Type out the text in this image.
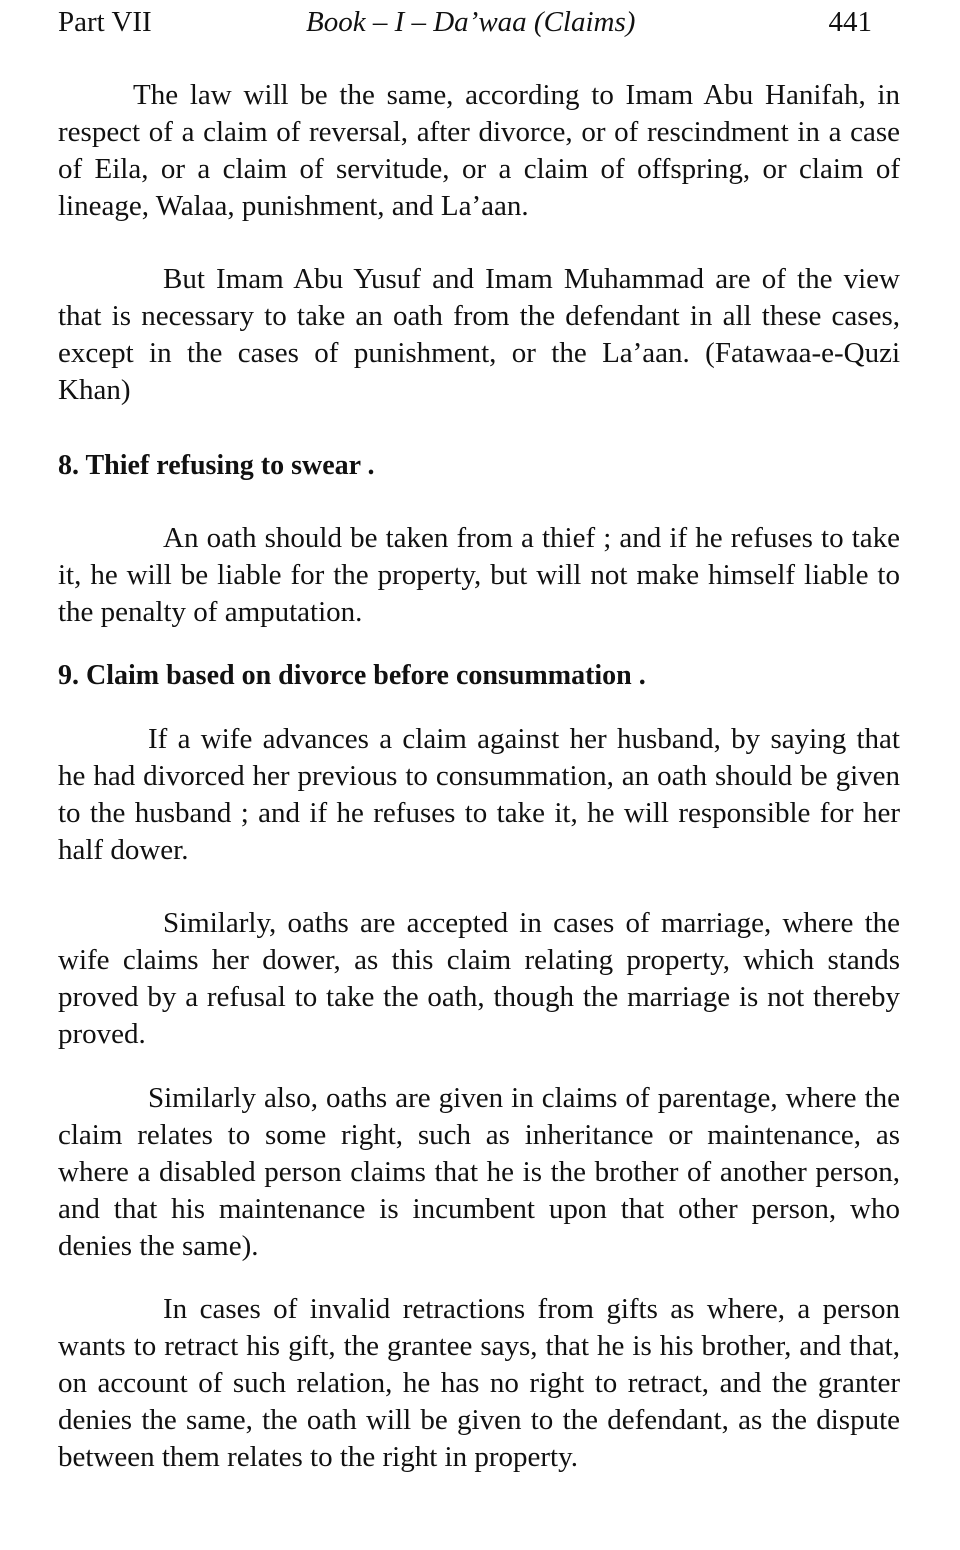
Part VII	Book – I – Da’waa (Claims)	441

The law will be the same, according to Imam Abu Hanifah, in respect of a claim of reversal, after divorce, or of rescindment in a case of Eila, or a claim of servitude, or a claim of offspring, or claim of lineage, Walaa, punishment, and La’aan.

But Imam Abu Yusuf and Imam Muhammad are of the view that is necessary to take an oath from the defendant in all these cases, except in the cases of punishment, or the La’aan. (Fatawaa-e-Quzi Khan)

8. Thief refusing to swear .

An oath should be taken from a thief ; and if he refuses to take it, he will be liable for the property, but will not make himself liable to the penalty of amputation.

9. Claim based on divorce before consummation .

If a wife advances a claim against her husband, by saying that he had divorced her previous to consummation, an oath should be given to the husband ; and if he refuses to take it, he will responsible for her half dower.

Similarly, oaths are accepted in cases of marriage, where the wife claims her dower, as this claim relating property, which stands proved by a refusal to take the oath, though the marriage is not thereby proved.

Similarly also, oaths are given in claims of parentage, where the claim relates to some right, such as inheritance or maintenance, as where a disabled person claims that he is the brother of another person, and that his maintenance is incumbent upon that other person, who denies the same).

In cases of invalid retractions from gifts as where, a person wants to retract his gift, the grantee says, that he is his brother, and that, on account of such relation, he has no right to retract, and the granter denies the same, the oath will be given to the defendant, as the dispute between them relates to the right in property.
